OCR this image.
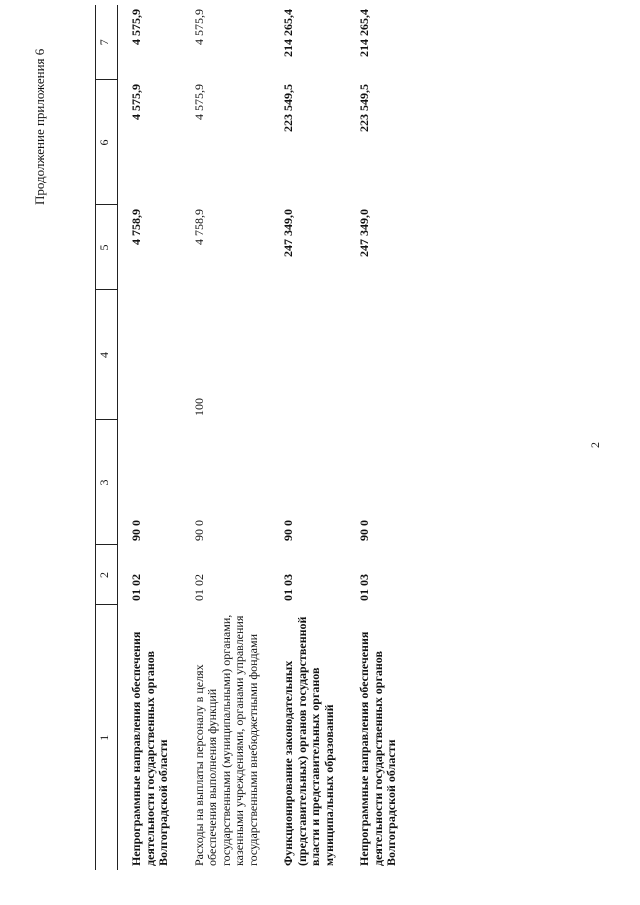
2
Продолжение приложения 6
1	2	3	4	5	6	7
Непрограммные направления обеспечения деятельности государственных органов Волгоградской области	01 02	90 0		4 758,9	4 575,9	4 575,9
Расходы на выплаты персоналу в целях обеспечения выполнения функций государственными (муниципальными) органами, казенными учреждениями, органами управления государственными внебюджетными фондами	01 02	90 0	100	4 758,9	4 575,9	4 575,9
Функционирование законодательных (представительных) органов государственной власти и представительных органов муниципальных образований	01 03	90 0		247 349,0	223 549,5	214 265,4
Непрограммные направления обеспечения деятельности государственных органов Волгоградской области	01 03	90 0		247 349,0	223 549,5	214 265,4
